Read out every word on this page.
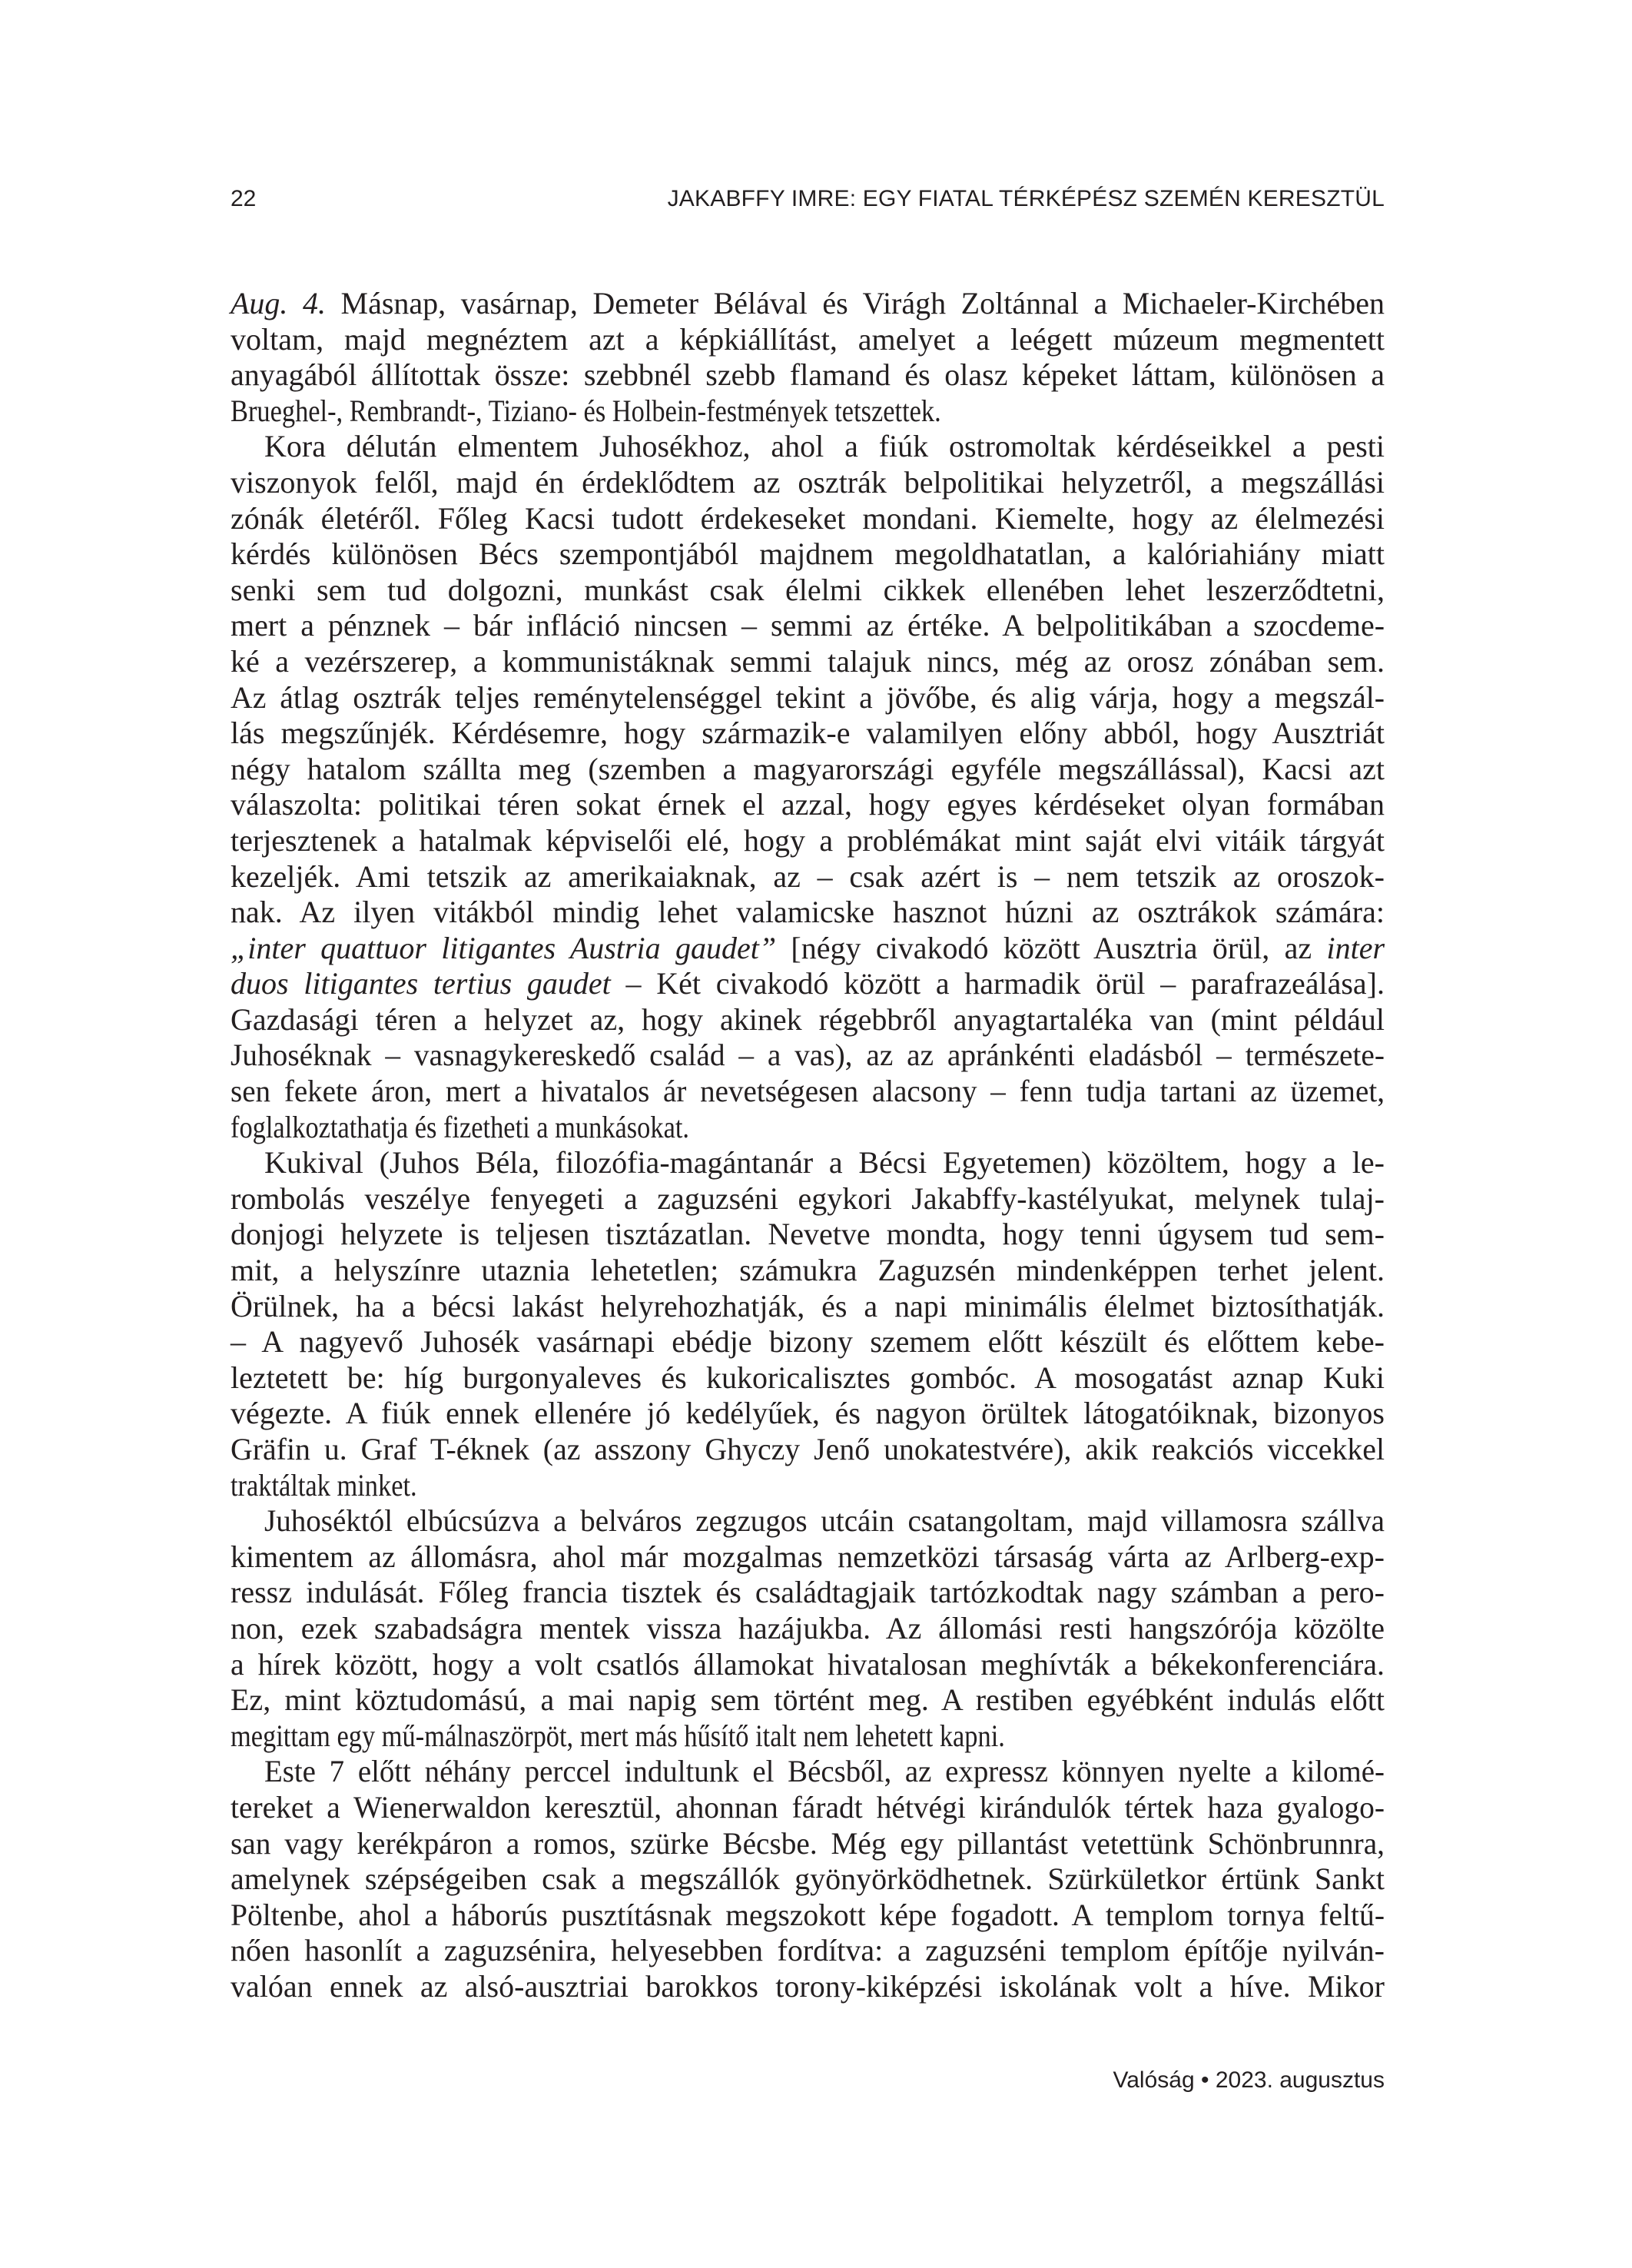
22	JAKABFFY IMRE: EGY FIATAL TÉRKÉPÉSZ SZEMÉN KERESZTÜL
Aug. 4. Másnap, vasárnap, Demeter Bélával és Virágh Zoltánnal a Michaeler-Kirchében
voltam, majd megnéztem azt a képkiállítást, amelyet a leégett múzeum megmentett
anyagából állítottak össze: szebbnél szebb flamand és olasz képeket láttam, különösen a
Brueghel-, Rembrandt-, Tiziano- és Holbein-festmények tetszettek.
Kora délután elmentem Juhosékhoz, ahol a fiúk ostromoltak kérdéseikkel a pesti
viszonyok felől, majd én érdeklődtem az osztrák belpolitikai helyzetről, a megszállási
zónák életéről. Főleg Kacsi tudott érdekeseket mondani. Kiemelte, hogy az élelmezési
kérdés különösen Bécs szempontjából majdnem megoldhatatlan, a kalóriahiány miatt
senki sem tud dolgozni, munkást csak élelmi cikkek ellenében lehet leszerződtetni,
mert a pénznek – bár infláció nincsen – semmi az értéke. A belpolitikában a szocdeme-
ké a vezérszerep, a kommunistáknak semmi talajuk nincs, még az orosz zónában sem.
Az átlag osztrák teljes reménytelenséggel tekint a jövőbe, és alig várja, hogy a megszál-
lás megszűnjék. Kérdésemre, hogy származik-e valamilyen előny abból, hogy Ausztriát
négy hatalom szállta meg (szemben a magyarországi egyféle megszállással), Kacsi azt
válaszolta: politikai téren sokat érnek el azzal, hogy egyes kérdéseket olyan formában
terjesztenek a hatalmak képviselői elé, hogy a problémákat mint saját elvi vitáik tárgyát
kezeljék. Ami tetszik az amerikaiaknak, az – csak azért is – nem tetszik az oroszok-
nak. Az ilyen vitákból mindig lehet valamicske hasznot húzni az osztrákok számára:
„inter quattuor litigantes Austria gaudet” [négy civakodó között Ausztria örül, az inter
duos litigantes tertius gaudet – Két civakodó között a harmadik örül – parafrazeálása].
Gazdasági téren a helyzet az, hogy akinek régebbről anyagtartaléka van (mint például
Juhoséknak – vasnagykereskedő család – a vas), az az apránkénti eladásból – természete-
sen fekete áron, mert a hivatalos ár nevetségesen alacsony – fenn tudja tartani az üzemet,
foglalkoztathatja és fizetheti a munkásokat.
Kukival (Juhos Béla, filozófia-magántanár a Bécsi Egyetemen) közöltem, hogy a le-
rombolás veszélye fenyegeti a zaguzséni egykori Jakabffy-kastélyukat, melynek tulaj-
donjogi helyzete is teljesen tisztázatlan. Nevetve mondta, hogy tenni úgysem tud sem-
mit, a helyszínre utaznia lehetetlen; számukra Zaguzsén mindenképpen terhet jelent.
Örülnek, ha a bécsi lakást helyrehozhatják, és a napi minimális élelmet biztosíthatják.
– A nagyevő Juhosék vasárnapi ebédje bizony szemem előtt készült és előttem kebe-
leztetett be: híg burgonyaleves és kukoricalisztes gombóc. A mosogatást aznap Kuki
végezte. A fiúk ennek ellenére jó kedélyűek, és nagyon örültek látogatóiknak, bizonyos
Gräfin u. Graf T-éknek (az asszony Ghyczy Jenő unokatestvére), akik reakciós viccekkel
traktáltak minket.
Juhoséktól elbúcsúzva a belváros zegzugos utcáin csatangoltam, majd villamosra szállva
kimentem az állomásra, ahol már mozgalmas nemzetközi társaság várta az Arlberg-exp-
ressz indulását. Főleg francia tisztek és családtagjaik tartózkodtak nagy számban a pero-
non, ezek szabadságra mentek vissza hazájukba. Az állomási resti hangszórója közölte
a hírek között, hogy a volt csatlós államokat hivatalosan meghívták a békekonferenciára.
Ez, mint köztudomású, a mai napig sem történt meg. A restiben egyébként indulás előtt
megittam egy mű-málnaszörpöt, mert más hűsítő italt nem lehetett kapni.
Este 7 előtt néhány perccel indultunk el Bécsből, az expressz könnyen nyelte a kilomé-
tereket a Wienerwaldon keresztül, ahonnan fáradt hétvégi kirándulók tértek haza gyalogo-
san vagy kerékpáron a romos, szürke Bécsbe. Még egy pillantást vetettünk Schönbrunnra,
amelynek szépségeiben csak a megszállók gyönyörködhetnek. Szürkületkor értünk Sankt
Pöltenbe, ahol a háborús pusztításnak megszokott képe fogadott. A templom tornya feltű-
nően hasonlít a zaguzsénira, helyesebben fordítva: a zaguzséni templom építője nyilván-
valóan ennek az alsó-ausztriai barokkos torony-kiképzési iskolának volt a híve. Mikor
Valóság • 2023. augusztus
